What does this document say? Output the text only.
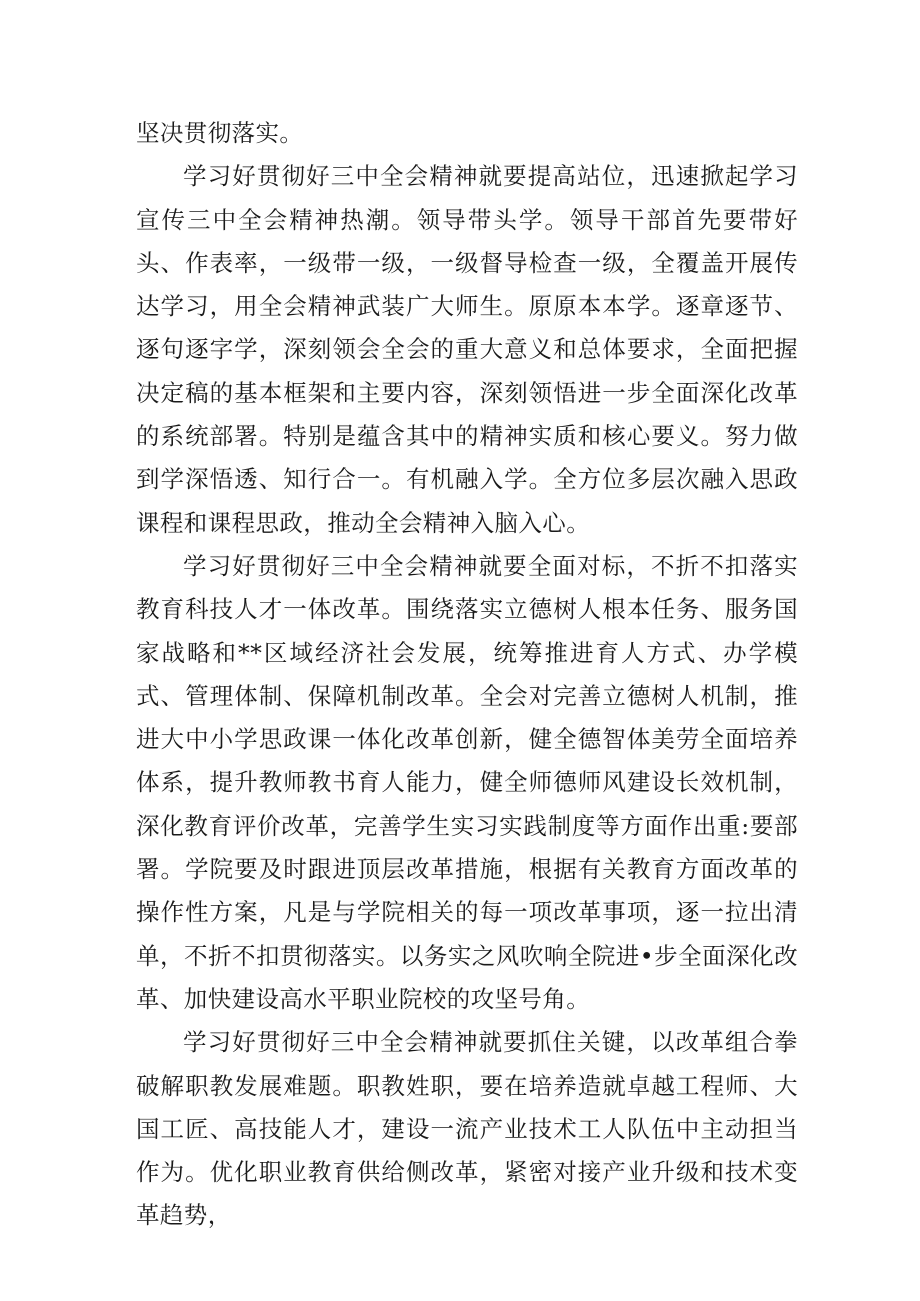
坚决贯彻落实。

学习好贯彻好三中全会精神就要提高站位，迅速掀起学习宣传三中全会精神热潮。领导带头学。领导干部首先要带好头、作表率，一级带一级，一级督导检查一级，全覆盖开展传达学习，用全会精神武装广大师生。原原本本学。逐章逐节、逐句逐字学，深刻领会全会的重大意义和总体要求，全面把握决定稿的基本框架和主要内容，深刻领悟进一步全面深化改革的系统部署。特别是蕴含其中的精神实质和核心要义。努力做到学深悟透、知行合一。有机融入学。全方位多层次融入思政课程和课程思政，推动全会精神入脑入心。

学习好贯彻好三中全会精神就要全面对标，不折不扣落实教育科技人才一体改革。围绕落实立德树人根本任务、服务国家战略和**区域经济社会发展，统筹推进育人方式、办学模式、管理体制、保障机制改革。全会对完善立德树人机制，推进大中小学思政课一体化改革创新，健全德智体美劳全面培养体系，提升教师教书育人能力，健全师德师风建设长效机制，深化教育评价改革，完善学生实习实践制度等方面作出重:要部署。学院要及时跟进顶层改革措施，根据有关教育方面改革的操作性方案，凡是与学院相关的每一项改革事项，逐一拉出清单，不折不扣贯彻落实。以务实之风吹响全院进•步全面深化改革、加快建设高水平职业院校的攻坚号角。

学习好贯彻好三中全会精神就要抓住关键，以改革组合拳破解职教发展难题。职教姓职，要在培养造就卓越工程师、大国工匠、高技能人才，建设一流产业技术工人队伍中主动担当作为。优化职业教育供给侧改革，紧密对接产业升级和技术变革趋势，
